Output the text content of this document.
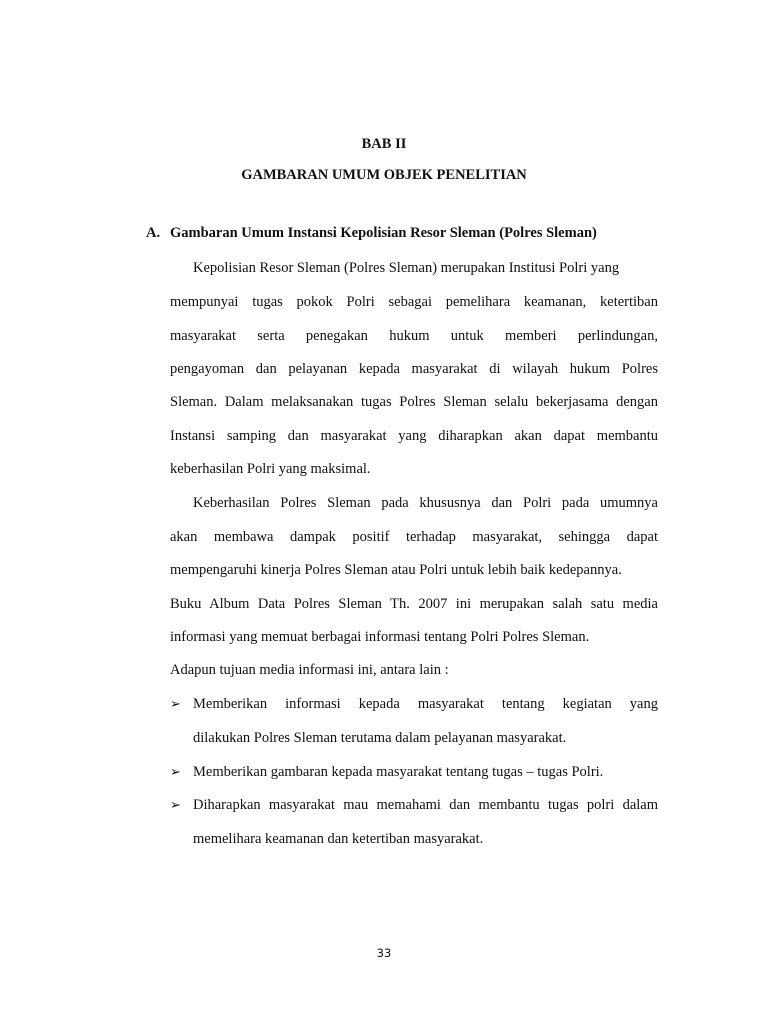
BAB II
GAMBARAN UMUM OBJEK PENELITIAN
A. Gambaran Umum Instansi Kepolisian Resor Sleman (Polres Sleman)
Kepolisian Resor Sleman (Polres Sleman) merupakan Institusi Polri yang
mempunyai tugas pokok Polri sebagai pemelihara keamanan, ketertiban
masyarakat serta penegakan hukum untuk memberi perlindungan,
pengayoman dan pelayanan kepada masyarakat di wilayah hukum Polres
Sleman. Dalam melaksanakan tugas Polres Sleman selalu bekerjasama dengan
Instansi samping dan masyarakat yang diharapkan akan dapat membantu
keberhasilan Polri yang maksimal.
Keberhasilan Polres Sleman pada khususnya dan Polri pada umumnya
akan membawa dampak positif terhadap masyarakat, sehingga dapat
mempengaruhi kinerja Polres Sleman atau Polri untuk lebih baik kedepannya.
Buku Album Data Polres Sleman Th. 2007 ini merupakan salah satu media
informasi yang memuat berbagai informasi tentang Polri Polres Sleman.
Adapun tujuan media informasi ini, antara lain :
➢ Memberikan informasi kepada masyarakat tentang kegiatan yang
dilakukan Polres Sleman terutama dalam pelayanan masyarakat.
➢ Memberikan gambaran kepada masyarakat tentang tugas – tugas Polri.
➢ Diharapkan masyarakat mau memahami dan membantu tugas polri dalam
memelihara keamanan dan ketertiban masyarakat.
33
